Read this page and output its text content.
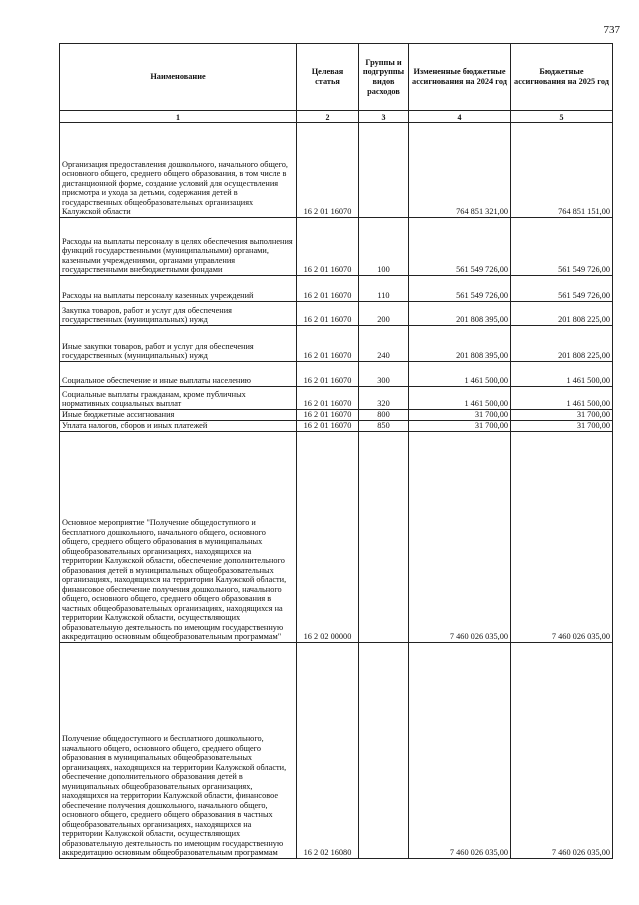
737
Наименование	Целевая статья	Группы и подгруппы видов расходов	Измененные бюджетные ассигнования на 2024 год	Бюджетные ассигнования на 2025 год
1	2	3	4	5
Организация предоставления дошкольного, начального общего, основного общего, среднего общего образования, в том числе в дистанционной форме, создание условий для осуществления присмотра и ухода за детьми, содержания детей в государственных общеобразовательных организациях Калужской области	16 2 01 16070		764 851 321,00	764 851 151,00
Расходы на выплаты персоналу в целях обеспечения выполнения функций государственными (муниципальными) органами, казенными учреждениями, органами управления государственными внебюджетными фондами	16 2 01 16070	100	561 549 726,00	561 549 726,00
Расходы на выплаты персоналу казенных учреждений	16 2 01 16070	110	561 549 726,00	561 549 726,00
Закупка товаров, работ и услуг для обеспечения государственных (муниципальных) нужд	16 2 01 16070	200	201 808 395,00	201 808 225,00
Иные закупки товаров, работ и услуг для обеспечения государственных (муниципальных) нужд	16 2 01 16070	240	201 808 395,00	201 808 225,00
Социальное обеспечение и иные выплаты населению	16 2 01 16070	300	1 461 500,00	1 461 500,00
Социальные выплаты гражданам, кроме публичных нормативных социальных выплат	16 2 01 16070	320	1 461 500,00	1 461 500,00
Иные бюджетные ассигнования	16 2 01 16070	800	31 700,00	31 700,00
Уплата налогов, сборов и иных платежей	16 2 01 16070	850	31 700,00	31 700,00
Основное мероприятие "Получение общедоступного и бесплатного дошкольного, начального общего, основного общего, среднего общего образования в муниципальных общеобразовательных организациях, находящихся на территории Калужской области, обеспечение дополнительного образования детей в муниципальных общеобразовательных организациях, находящихся на территории Калужской области, финансовое обеспечение получения дошкольного, начального общего, основного общего, среднего общего образования в частных общеобразовательных организациях, находящихся на территории Калужской области, осуществляющих образовательную деятельность по имеющим государственную аккредитацию основным общеобразовательным программам"	16 2 02 00000		7 460 026 035,00	7 460 026 035,00
Получение общедоступного и бесплатного дошкольного, начального общего, основного общего, среднего общего образования в муниципальных общеобразовательных организациях, находящихся на территории Калужской области, обеспечение дополнительного образования детей в муниципальных общеобразовательных организациях, находящихся на территории Калужской области, финансовое обеспечение получения дошкольного, начального общего, основного общего, среднего общего образования в частных общеобразовательных организациях, находящихся на территории Калужской области, осуществляющих образовательную деятельность по имеющим государственную аккредитацию основным общеобразовательным программам	16 2 02 16080		7 460 026 035,00	7 460 026 035,00
